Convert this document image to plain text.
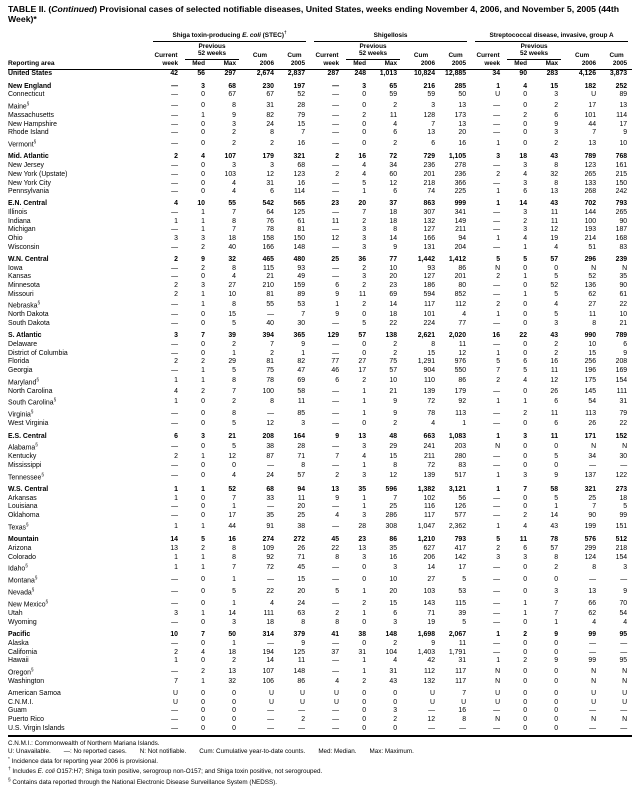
TABLE II. (Continued) Provisional cases of selected notifiable diseases, United States, weeks ending November 4, 2006, and November 5, 2005 (44th Week)*

	Shiga toxin-producing E. coli (STEC)†					Shigellosis					Streptococcal disease, invasive, group A				

		Previous					Previous					Previous			
	Current	52 weeks		Cum	Cum	Current	52 weeks		Cum	Cum	Current	52 weeks		Cum	Cum
Reporting area	week	Med	Max	2006	2005	week	Med	Max	2006	2005	week	Med	Max	2006	2005
United States	42	56	297	2,674	2,837	287	248	1,013	10,824	12,885	34	90	283	4,126	3,873

New England	—	3	68	230	197	—	3	65	216	285	1	4	15	182	252
Connecticut	—	0	67	67	52	—	0	59	59	50	U	0	3	U	89
Maine§	—	0	8	31	28	—	0	2	3	13	—	0	2	17	13
Massachusetts	—	1	9	82	79	—	2	11	128	173	—	2	6	101	114
New Hampshire	—	0	3	24	15	—	0	4	7	13	—	0	9	44	17
Rhode Island	—	0	2	8	7	—	0	6	13	20	—	0	3	7	9
Vermont§	—	0	2	2	16	—	0	2	6	16	1	0	2	13	10

Mid. Atlantic	2	4	107	179	321	2	16	72	729	1,105	3	18	43	789	768
New Jersey	—	0	3	3	68	—	4	34	236	278	—	3	8	123	161
New York (Upstate)	—	0	103	12	123	2	4	60	201	236	2	4	32	265	215
New York City	—	0	4	31	16	—	5	12	218	366	—	3	8	133	150
Pennsylvania	—	0	4	6	114	—	1	6	74	225	1	6	13	268	242

E.N. Central	4	10	55	542	565	23	20	37	863	999	1	14	43	702	793
Illinois	—	1	7	64	125	—	7	18	307	341	—	3	11	144	265
Indiana	1	1	8	76	61	11	2	18	132	149	—	2	11	100	90
Michigan	—	1	7	78	81	—	3	8	127	211	—	3	12	193	187
Ohio	3	3	18	158	150	12	3	14	166	94	1	4	19	214	168
Wisconsin	—	2	40	166	148	—	3	9	131	204	—	1	4	51	83

W.N. Central	2	9	32	465	480	25	36	77	1,442	1,412	5	5	57	296	239
Iowa	—	2	8	115	93	—	2	10	93	86	N	0	0	N	N
Kansas	—	0	4	21	49	—	3	20	127	201	2	1	5	52	35
Minnesota	2	3	27	210	159	6	2	23	186	80	—	0	52	136	90
Missouri	2	1	10	81	89	9	11	69	594	852	—	1	5	62	61
Nebraska§	—	1	8	55	53	1	2	14	117	112	2	0	4	27	22
North Dakota	—	0	15	—	7	9	0	18	101	4	1	0	5	11	10
South Dakota	—	0	5	40	30	—	5	22	224	77	—	0	3	8	21

S. Atlantic	3	7	39	394	365	129	57	138	2,621	2,020	16	22	43	990	789
Delaware	—	0	2	7	9	—	0	2	8	11	—	0	2	10	6
District of Columbia	—	0	1	2	1	—	0	2	15	12	1	0	2	15	9
Florida	2	2	29	81	82	77	27	75	1,291	976	5	6	16	256	208
Georgia	—	1	5	75	47	46	17	57	904	550	7	5	11	196	169
Maryland§	1	1	8	78	69	6	2	10	110	86	2	4	12	175	154
North Carolina	4	2	7	100	58	—	1	21	139	179	—	0	26	145	111
South Carolina§	1	0	2	8	11	—	1	9	72	92	1	1	6	54	31
Virginia§	—	0	8	—	85	—	1	9	78	113	—	2	11	113	79
West Virginia	—	0	5	12	3	—	0	2	4	1	—	0	6	26	22

E.S. Central	6	3	21	208	164	9	13	48	663	1,083	1	3	11	171	152
Alabama§	—	0	5	38	28	—	3	29	241	203	N	0	0	N	N
Kentucky	2	1	12	87	71	7	4	15	211	280	—	0	5	34	30
Mississippi	—	0	0	—	8	—	1	8	72	83	—	0	0	—	—
Tennessee§	—	0	4	24	57	2	3	12	139	517	1	3	9	137	122

W.S. Central	1	1	52	68	94	13	35	596	1,382	3,121	1	7	58	321	273
Arkansas	1	0	7	33	11	9	1	7	102	56	—	0	5	25	18
Louisiana	—	0	1	—	20	—	1	25	116	126	—	0	1	7	5
Oklahoma	—	0	17	35	25	4	3	286	117	577	—	2	14	90	99
Texas§	1	1	44	91	38	—	28	308	1,047	2,362	1	4	43	199	151

Mountain	14	5	16	274	272	45	23	86	1,210	793	5	11	78	576	512
Arizona	13	2	8	109	26	22	13	35	627	417	2	6	57	299	218
Colorado	1	1	8	92	71	8	3	16	206	142	3	3	8	124	154
Idaho§	1	1	7	72	45	—	0	3	14	17	—	0	2	8	3
Montana§	—	0	1	—	15	—	0	10	27	5	—	0	0	—	—
Nevada§	—	0	5	22	20	5	1	20	103	53	—	0	3	13	9
New Mexico§	—	0	1	4	24	—	2	15	143	115	—	1	7	66	70
Utah	3	1	14	111	63	2	1	6	71	39	—	1	7	62	54
Wyoming	—	0	3	18	8	8	0	3	19	5	—	0	1	4	4

Pacific	10	7	50	314	379	41	38	148	1,698	2,067	1	2	9	99	95
Alaska	—	0	1	—	9	—	0	2	9	11	—	0	0	—	—
California	2	4	18	194	125	37	31	104	1,403	1,791	—	0	0	—	—
Hawaii	1	0	2	14	11	—	1	4	42	31	1	2	9	99	95
Oregon§	—	2	13	107	148	—	1	31	112	117	N	0	0	N	N
Washington	7	1	32	106	86	4	2	43	132	117	N	0	0	N	N

American Samoa	U	0	0	U	U	U	0	0	U	7	U	0	0	U	U
C.N.M.I.	U	0	0	U	U	U	0	0	U	U	U	0	0	U	U
Guam	—	0	0	—	—	—	0	3	—	16	—	0	0	—	—
Puerto Rico	—	0	0	—	2	—	0	2	12	8	N	0	0	N	N
U.S. Virgin Islands	—	0	0	—	—	—	0	0	—	—	—	0	0	—	—
C.N.M.I.: Commonwealth of Northern Mariana Islands.
U: Unavailable. —: No reported cases. N: Not notifiable. Cum: Cumulative year-to-date counts. Med: Median. Max: Maximum.
* Incidence data for reporting year 2006 is provisional.
† Includes E. coli O157:H7; Shiga toxin positive, serogroup non-O157; and Shiga toxin positive, not serogrouped.
§ Contains data reported through the National Electronic Disease Surveillance System (NEDSS).
